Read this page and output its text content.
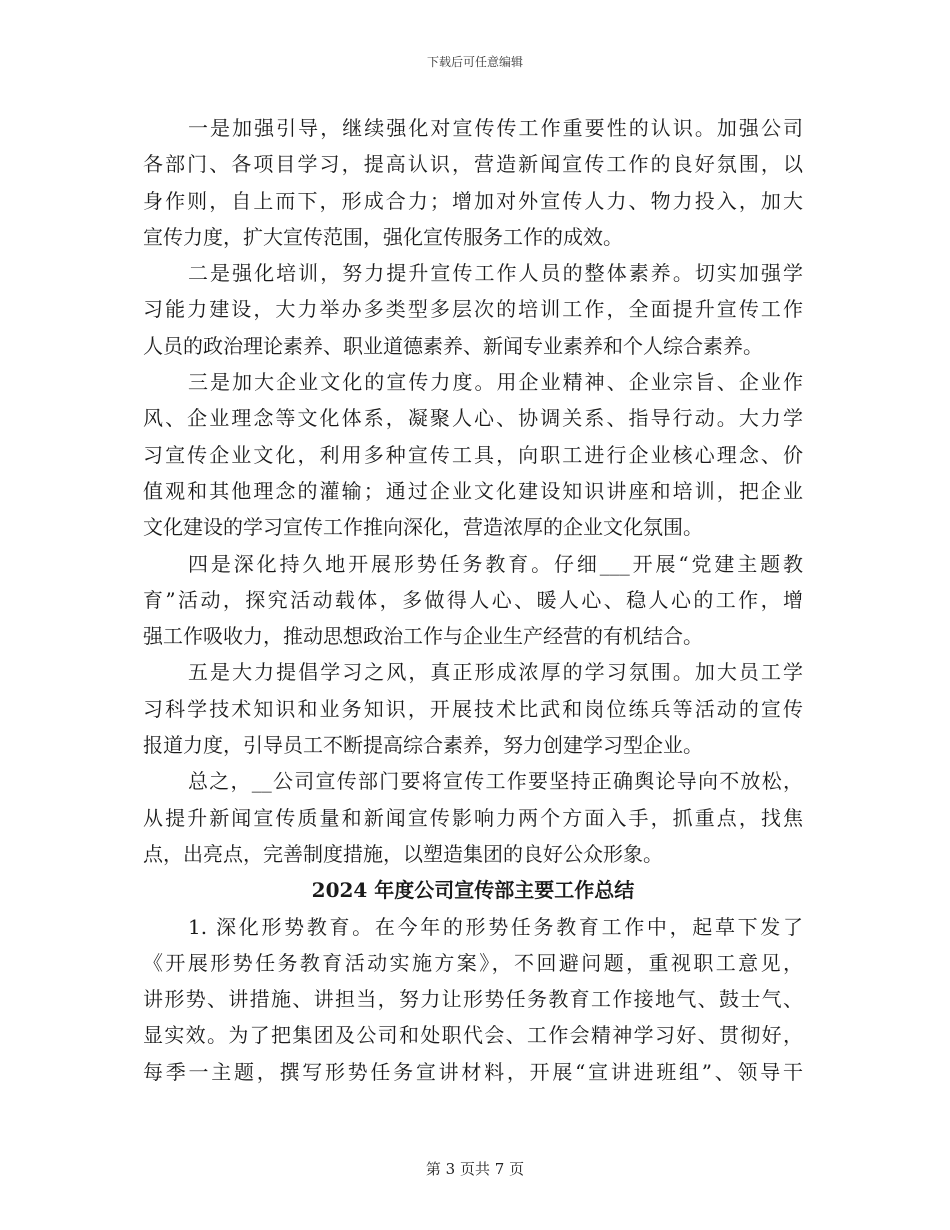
下载后可任意编辑
一是加强引导，继续强化对宣传传工作重要性的认识。加强公司
各部门、各项目学习，提高认识，营造新闻宣传工作的良好氛围，以
身作则，自上而下，形成合力；增加对外宣传人力、物力投入，加大
宣传力度，扩大宣传范围，强化宣传服务工作的成效。
二是强化培训，努力提升宣传工作人员的整体素养。切实加强学
习能力建设，大力举办多类型多层次的培训工作，全面提升宣传工作
人员的政治理论素养、职业道德素养、新闻专业素养和个人综合素养。
三是加大企业文化的宣传力度。用企业精神、企业宗旨、企业作
风、企业理念等文化体系，凝聚人心、协调关系、指导行动。大力学
习宣传企业文化，利用多种宣传工具，向职工进行企业核心理念、价
值观和其他理念的灌输；通过企业文化建设知识讲座和培训，把企业
文化建设的学习宣传工作推向深化，营造浓厚的企业文化氛围。
四是深化持久地开展形势任务教育。仔细___开展“党建主题教
育”活动，探究活动载体，多做得人心、暖人心、稳人心的工作，增
强工作吸收力，推动思想政治工作与企业生产经营的有机结合。
五是大力提倡学习之风，真正形成浓厚的学习氛围。加大员工学
习科学技术知识和业务知识，开展技术比武和岗位练兵等活动的宣传
报道力度，引导员工不断提高综合素养，努力创建学习型企业。
总之，__公司宣传部门要将宣传工作要坚持正确舆论导向不放松，
从提升新闻宣传质量和新闻宣传影响力两个方面入手，抓重点，找焦
点，出亮点，完善制度措施，以塑造集团的良好公众形象。
2024 年度公司宣传部主要工作总结
1. 深化形势教育。在今年的形势任务教育工作中，起草下发了
《开展形势任务教育活动实施方案》，不回避问题，重视职工意见，
讲形势、讲措施、讲担当，努力让形势任务教育工作接地气、鼓士气、
显实效。为了把集团及公司和处职代会、工作会精神学习好、贯彻好，
每季一主题，撰写形势任务宣讲材料，开展“宣讲进班组”、领导干
第 3 页共 7 页
